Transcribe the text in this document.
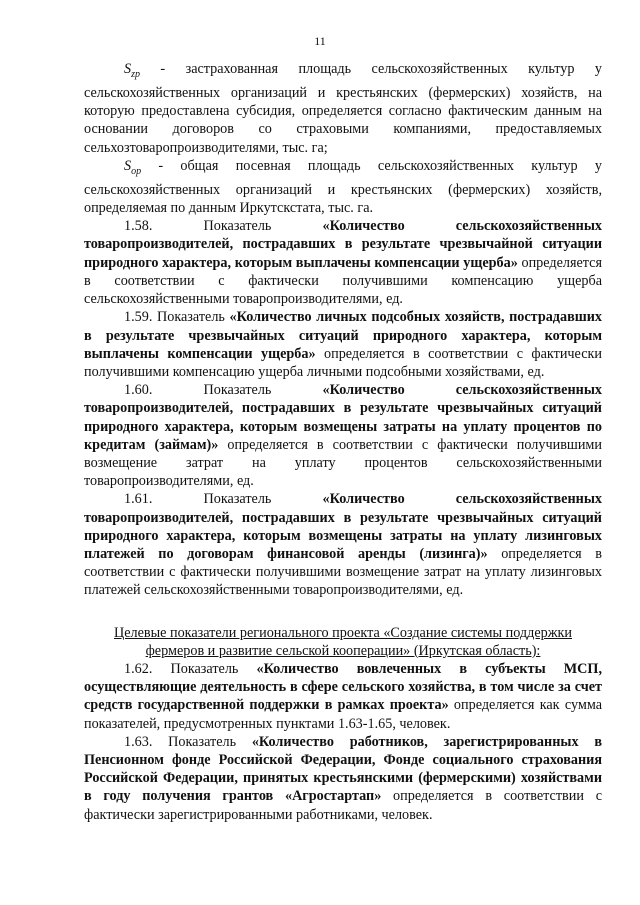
11

$S_{zp}$ - застрахованная площадь сельскохозяйственных культур у сельскохозяйственных организаций и крестьянских (фермерских) хозяйств, на которую предоставлена субсидия, определяется согласно фактическим данным на основании договоров со страховыми компаниями, предоставляемых сельхозтоваропроизводителями, тыс. га;

$S_{op}$ - общая посевная площадь сельскохозяйственных культур у сельскохозяйственных организаций и крестьянских (фермерских) хозяйств, определяемая по данным Иркутскстата, тыс. га.

1.58. Показатель «Количество сельскохозяйственных товаропроизводителей, пострадавших в результате чрезвычайной ситуации природного характера, которым выплачены компенсации ущерба» определяется в соответствии с фактически получившими компенсацию ущерба сельскохозяйственными товаропроизводителями, ед.

1.59. Показатель «Количество личных подсобных хозяйств, пострадавших в результате чрезвычайных ситуаций природного характера, которым выплачены компенсации ущерба» определяется в соответствии с фактически получившими компенсацию ущерба личными подсобными хозяйствами, ед.

1.60. Показатель «Количество сельскохозяйственных товаропроизводителей, пострадавших в результате чрезвычайных ситуаций природного характера, которым возмещены затраты на уплату процентов по кредитам (займам)» определяется в соответствии с фактически получившими возмещение затрат на уплату процентов сельскохозяйственными товаропроизводителями, ед.

1.61. Показатель «Количество сельскохозяйственных товаропроизводителей, пострадавших в результате чрезвычайных ситуаций природного характера, которым возмещены затраты на уплату лизинговых платежей по договорам финансовой аренды (лизинга)» определяется в соответствии с фактически получившими возмещение затрат на уплату лизинговых платежей сельскохозяйственными товаропроизводителями, ед.

Целевые показатели регионального проекта «Создание системы поддержки фермеров и развитие сельской кооперации» (Иркутская область):

1.62. Показатель «Количество вовлеченных в субъекты МСП, осуществляющие деятельность в сфере сельского хозяйства, в том числе за счет средств государственной поддержки в рамках проекта» определяется как сумма показателей, предусмотренных пунктами 1.63-1.65, человек.

1.63. Показатель «Количество работников, зарегистрированных в Пенсионном фонде Российской Федерации, Фонде социального страхования Российской Федерации, принятых крестьянскими (фермерскими) хозяйствами в году получения грантов «Агростартап» определяется в соответствии с фактически зарегистрированными работниками, человек.
